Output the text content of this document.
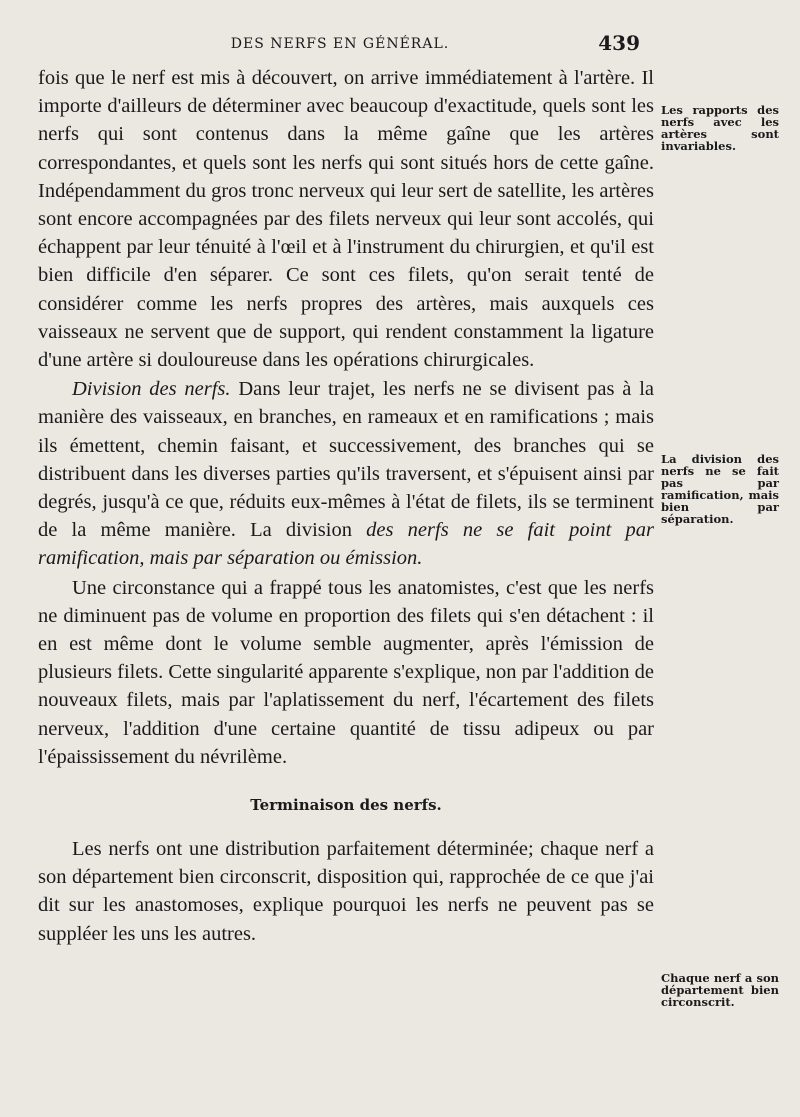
DES NERFS EN GÉNÉRAL.	439

fois que le nerf est mis à découvert, on arrive immédiatement à l'artère. Il importe d'ailleurs de déterminer avec beaucoup d'exactitude, quels sont les nerfs qui sont contenus dans la même gaîne que les artères correspondantes, et quels sont les nerfs qui sont situés hors de cette gaîne. Indépendamment du gros tronc nerveux qui leur sert de satellite, les artères sont encore accompagnées par des filets nerveux qui leur sont accolés, qui échappent par leur ténuité à l'œil et à l'instrument du chirurgien, et qu'il est bien difficile d'en séparer. Ce sont ces filets, qu'on serait tenté de considérer comme les nerfs propres des artères, mais auxquels ces vaisseaux ne servent que de support, qui rendent constamment la ligature d'une artère si douloureuse dans les opérations chirurgicales.

Division des nerfs. Dans leur trajet, les nerfs ne se divisent pas à la manière des vaisseaux, en branches, en rameaux et en ramifications ; mais ils émettent, chemin faisant, et successivement, des branches qui se distribuent dans les diverses parties qu'ils traversent, et s'épuisent ainsi par degrés, jusqu'à ce que, réduits eux-mêmes à l'état de filets, ils se terminent de la même manière. La division des nerfs ne se fait point par ramification, mais par séparation ou émission.

Une circonstance qui a frappé tous les anatomistes, c'est que les nerfs ne diminuent pas de volume en proportion des filets qui s'en détachent : il en est même dont le volume semble augmenter, après l'émission de plusieurs filets. Cette singularité apparente s'explique, non par l'addition de nouveaux filets, mais par l'aplatissement du nerf, l'écartement des filets nerveux, l'addition d'une certaine quantité de tissu adipeux ou par l'épaississement du névrilème.

Terminaison des nerfs.

Les nerfs ont une distribution parfaitement déterminée; chaque nerf a son département bien circonscrit, disposition qui, rapprochée de ce que j'ai dit sur les anastomoses, explique pourquoi les nerfs ne peuvent pas se suppléer les uns les autres.

Les rapports des nerfs avec les artères sont invariables.
La division des nerfs ne se fait pas par ramification, mais bien par séparation.
Chaque nerf a son département bien circonscrit.
